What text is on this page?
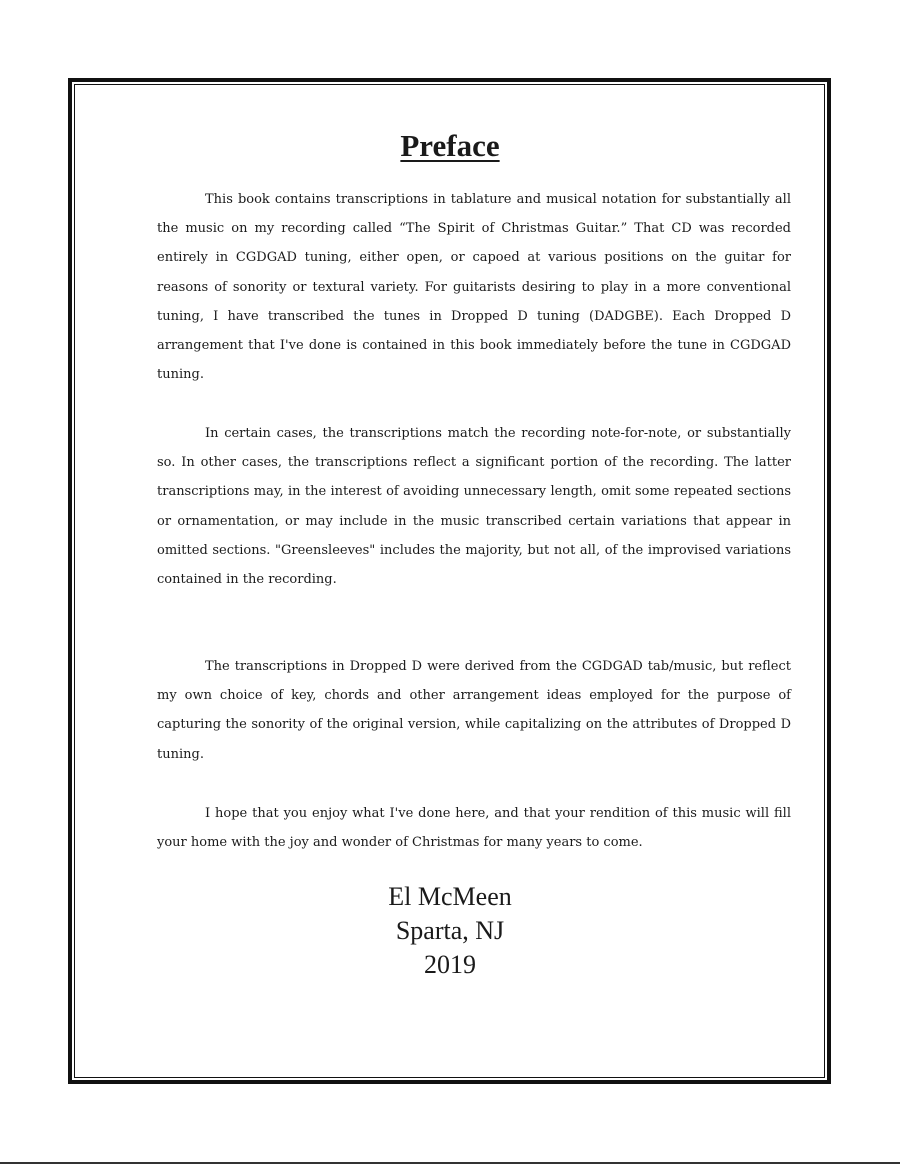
Preface

This book contains transcriptions in tablature and musical notation for substantially all the music on my recording called “The Spirit of Christmas Guitar.” That CD was recorded entirely in CGDGAD tuning, either open, or capoed at various positions on the guitar for reasons of sonority or textural variety. For guitarists desiring to play in a more conventional tuning, I have transcribed the tunes in Dropped D tuning (DADGBE). Each Dropped D arrangement that I've done is contained in this book immediately before the tune in CGDGAD tuning.

In certain cases, the transcriptions match the recording note-for-note, or substantially so. In other cases, the transcriptions reflect a significant portion of the recording. The latter transcriptions may, in the interest of avoiding unnecessary length, omit some repeated sections or ornamentation, or may include in the music transcribed certain variations that appear in omitted sections. "Greensleeves" includes the majority, but not all, of the improvised variations contained in the recording.

The transcriptions in Dropped D were derived from the CGDGAD tab/music, but reflect my own choice of key, chords and other arrangement ideas employed for the purpose of capturing the sonority of the original version, while capitalizing on the attributes of Dropped D tuning.

I hope that you enjoy what I've done here, and that your rendition of this music will fill your home with the joy and wonder of Christmas for many years to come.

El McMeen
Sparta, NJ
2019
